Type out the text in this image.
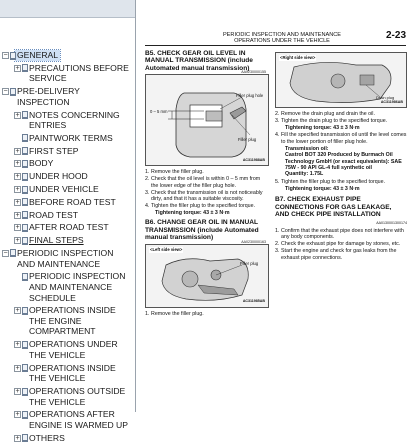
− GENERAL
+ PRECAUTIONS BEFORE SERVICE
− PRE-DELIVERY INSPECTION
+ NOTES CONCERNING ENTRIES
PAINTWORK TERMS
+ FIRST STEP
+ BODY
+ UNDER HOOD
+ UNDER VEHICLE
+ BEFORE ROAD TEST
+ ROAD TEST
+ AFTER ROAD TEST
+ FINAL STEPS
− PERIODIC INSPECTION AND MAINTENANCE
PERIODIC INSPECTION AND MAINTENANCE SCHEDULE
+ OPERATIONS INSIDE THE ENGINE COMPARTMENT
+ OPERATIONS UNDER THE VEHICLE
+ OPERATIONS INSIDE THE VEHICLE
+ OPERATIONS OUTSIDE THE VEHICLE
+ OPERATIONS AFTER ENGINE IS WARMED UP
+ OTHERS
PERIODIC INSPECTION AND MAINTENANCE
OPERATIONS UNDER THE VEHICLE
2-23
B5. CHECK GEAR OIL LEVEL IN MANUAL TRANSMISSION (include Automated manual transmission)
AA0230000155
0 – 5 mm
Filler plug hole
Filler plug
AC311988AB
1. Remove the filler plug.
2. Check that the oil level is within 0 – 5 mm from the lower edge of the filler plug hole.
3. Check that the transmission oil is not noticeably dirty, and that it has a suitable viscosity.
4. Tighten the filler plug to the specified torque.
Tightening torque: 43 ± 3 N·m
B6. CHANGE GEAR OIL IN MANUAL TRANSMISSION (include Automated manual transmission)
AA0230000163
<Left side view>
Filler plug
AC311985AB
1. Remove the filler plug.
<Right side view>
Drain plug
AC311986AB
2. Remove the drain plug and drain the oil.
3. Tighten the drain plug to the specified torque.
Tightening torque: 43 ± 3 N·m
4. Fill the specified transmission oil until the level comes to the lower portion of filler plug hole.
Transmission oil:
Castrol BOT 320 Produced by Burmach Oil Technology GmbH (or exact equivalents): SAE 75W - 90 API GL-4 full synthetic oil
Quantity: 1.75L
5. Tighten the filler plug to the specified torque.
Tightening torque: 43 ± 3 N·m
B7. CHECK EXHAUST PIPE CONNECTIONS FOR GAS LEAKAGE, AND CHECK PIPE INSTALLATION
AA0130001300174
1. Confirm that the exhaust pipe does not interfere with any body components.
2. Check the exhaust pipe for damage by stones, etc.
3. Start the engine and check for gas leaks from the exhaust pipe connections.
